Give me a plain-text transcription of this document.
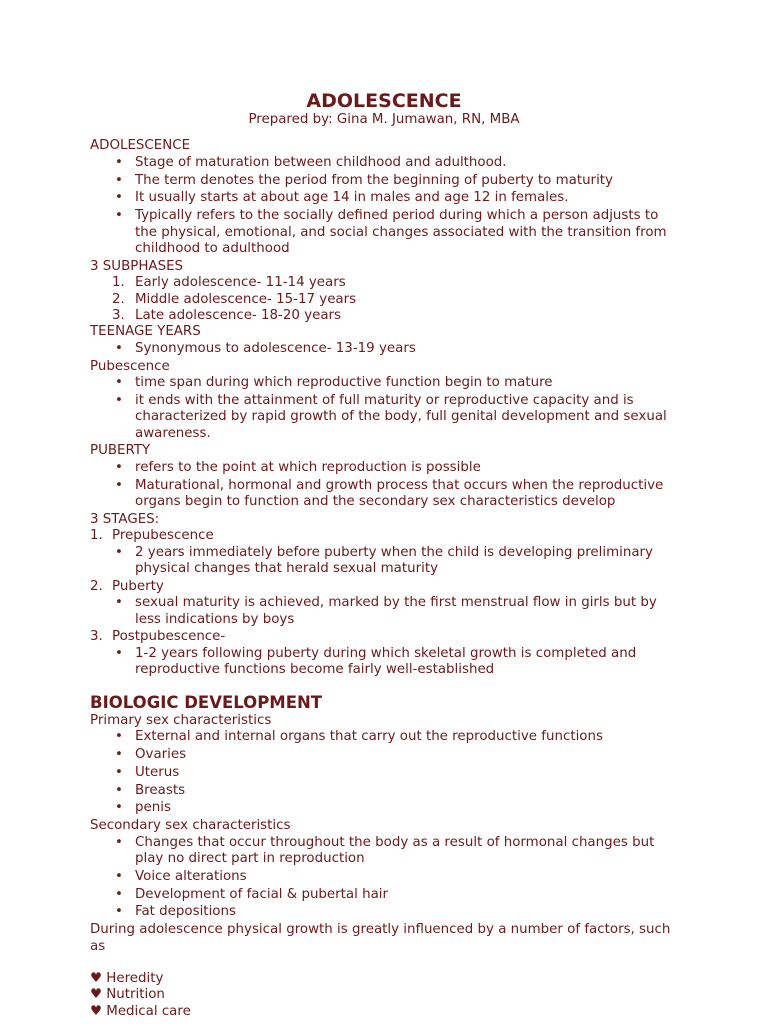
ADOLESCENCE

Prepared by: Gina M. Jumawan, RN, MBA

ADOLESCENCE

• Stage of maturation between childhood and adulthood.
• The term denotes the period from the beginning of puberty to maturity
• It usually starts at about age 14 in males and age 12 in females.
• Typically refers to the socially defined period during which a person adjusts to the physical, emotional, and social changes associated with the transition from childhood to adulthood

3 SUBPHASES

1. Early adolescence- 11-14 years
2. Middle adolescence- 15-17 years
3. Late adolescence- 18-20 years

TEENAGE YEARS

• Synonymous to adolescence- 13-19 years

Pubescence

• time span during which reproductive function begin to mature
• it ends with the attainment of full maturity or reproductive capacity and is characterized by rapid growth of the body, full genital development and sexual awareness.

PUBERTY

• refers to the point at which reproduction is possible
• Maturational, hormonal and growth process that occurs when the reproductive organs begin to function and the secondary sex characteristics develop

3 STAGES:

1. Prepubescence

• 2 years immediately before puberty when the child is developing preliminary physical changes that herald sexual maturity

2. Puberty

• sexual maturity is achieved, marked by the first menstrual flow in girls but by less indications by boys

3. Postpubescence-

• 1-2 years following puberty during which skeletal growth is completed and reproductive functions become fairly well-established
BIOLOGIC DEVELOPMENT

Primary sex characteristics

• External and internal organs that carry out the reproductive functions
• Ovaries
• Uterus
• Breasts
• penis

Secondary sex characteristics

• Changes that occur throughout the body as a result of hormonal changes but play no direct part in reproduction
• Voice alterations
• Development of facial & pubertal hair
• Fat depositions

During adolescence physical growth is greatly influenced by a number of factors, such as

♥ Heredity

♥ Nutrition

♥ Medical care
